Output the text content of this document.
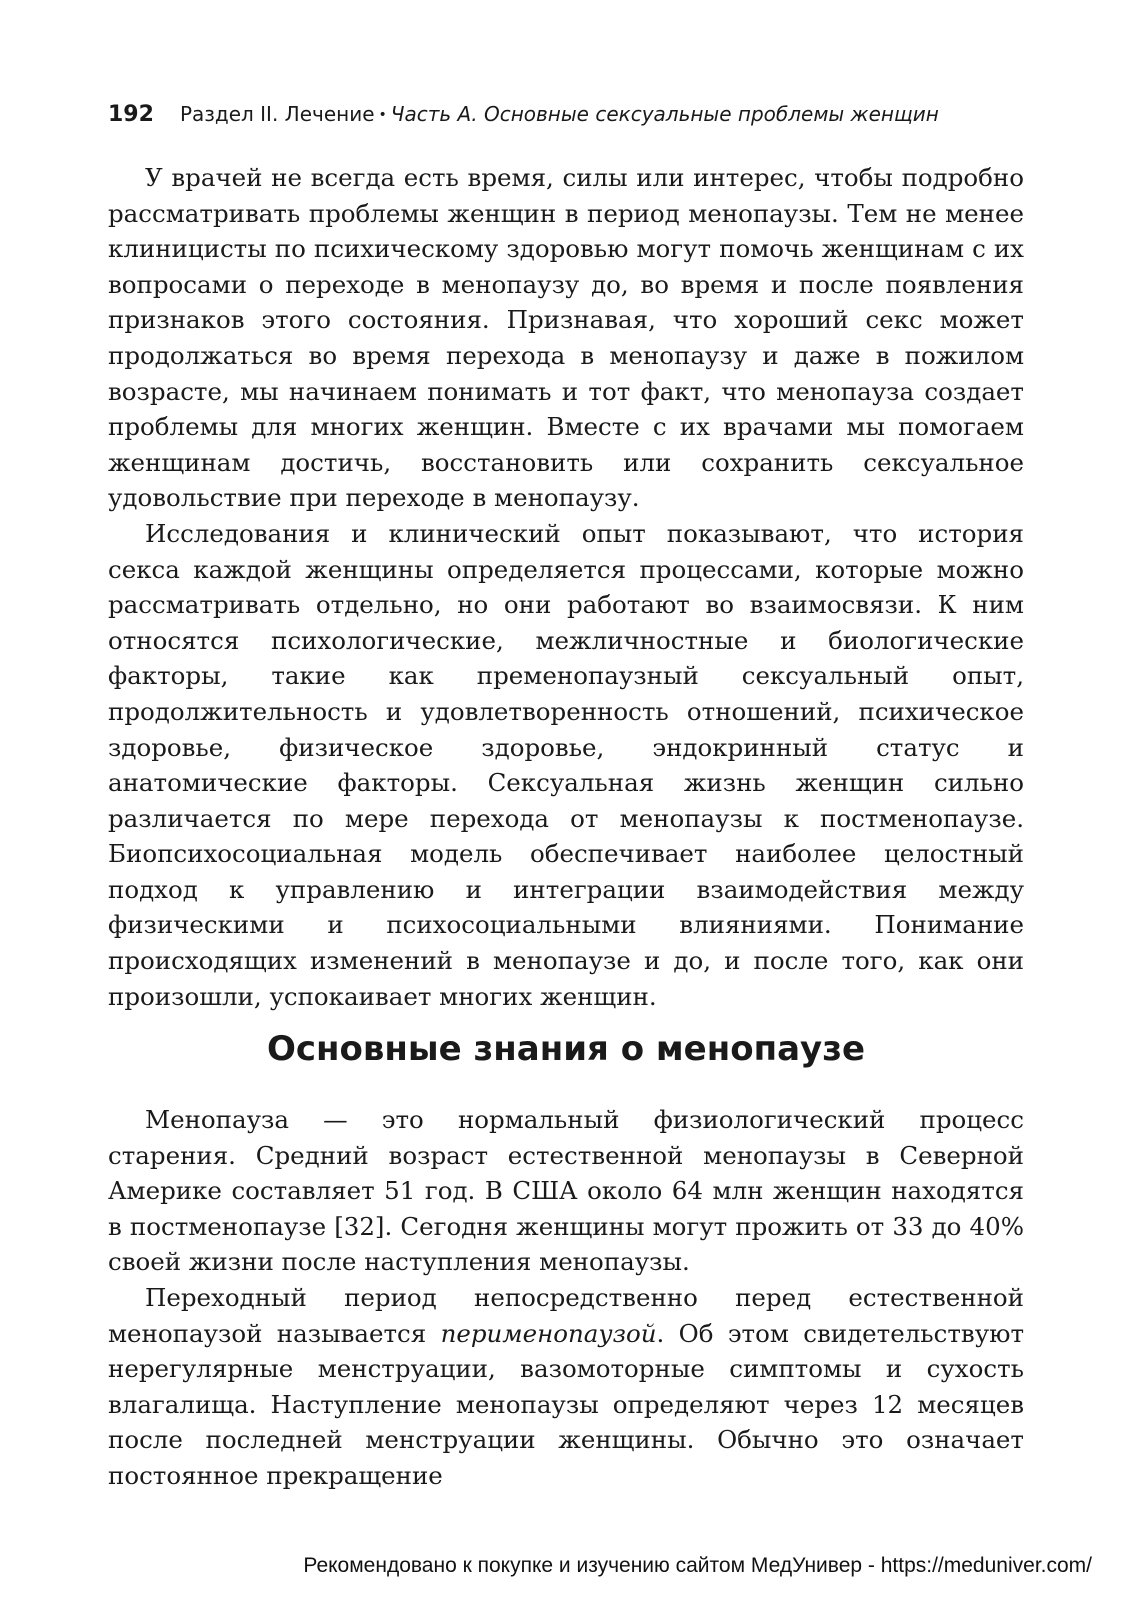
192 Раздел II. Лечение • Часть А. Основные сексуальные проблемы женщин

У врачей не всегда есть время, силы или интерес, чтобы подробно рассматривать проблемы женщин в период менопаузы. Тем не менее клиницисты по психическому здоровью могут помочь женщинам с их вопросами о переходе в менопаузу до, во время и после появления признаков этого состояния. Признавая, что хороший секс может продолжаться во время перехода в менопаузу и даже в пожилом возрасте, мы начинаем понимать и тот факт, что менопауза создает проблемы для многих женщин. Вместе с их врачами мы помогаем женщинам достичь, восстановить или сохранить сексуальное удовольствие при переходе в менопаузу.

Исследования и клинический опыт показывают, что история секса каждой женщины определяется процессами, которые можно рассматривать отдельно, но они работают во взаимосвязи. К ним относятся психологические, межличностные и биологические факторы, такие как пременопаузный сексуальный опыт, продолжительность и удовлетворенность отношений, психическое здоровье, физическое здоровье, эндокринный статус и анатомические факторы. Сексуальная жизнь женщин сильно различается по мере перехода от менопаузы к постменопаузе. Биопсихосоциальная модель обеспечивает наиболее целостный подход к управлению и интеграции взаимодействия между физическими и психосоциальными влияниями. Понимание происходящих изменений в менопаузе и до, и после того, как они произошли, успокаивает многих женщин.

Основные знания о менопаузе

Менопауза — это нормальный физиологический процесс старения. Средний возраст естественной менопаузы в Северной Америке составляет 51 год. В США около 64 млн женщин находятся в постменопаузе [32]. Сегодня женщины могут прожить от 33 до 40% своей жизни после наступления менопаузы.

Переходный период непосредственно перед естественной менопаузой называется перименопаузой. Об этом свидетельствуют нерегулярные менструации, вазомоторные симптомы и сухость влагалища. Наступление менопаузы определяют через 12 месяцев после последней менструации женщины. Обычно это означает постоянное прекращение

Рекомендовано к покупке и изучению сайтом МедУнивер - https://meduniver.com/
